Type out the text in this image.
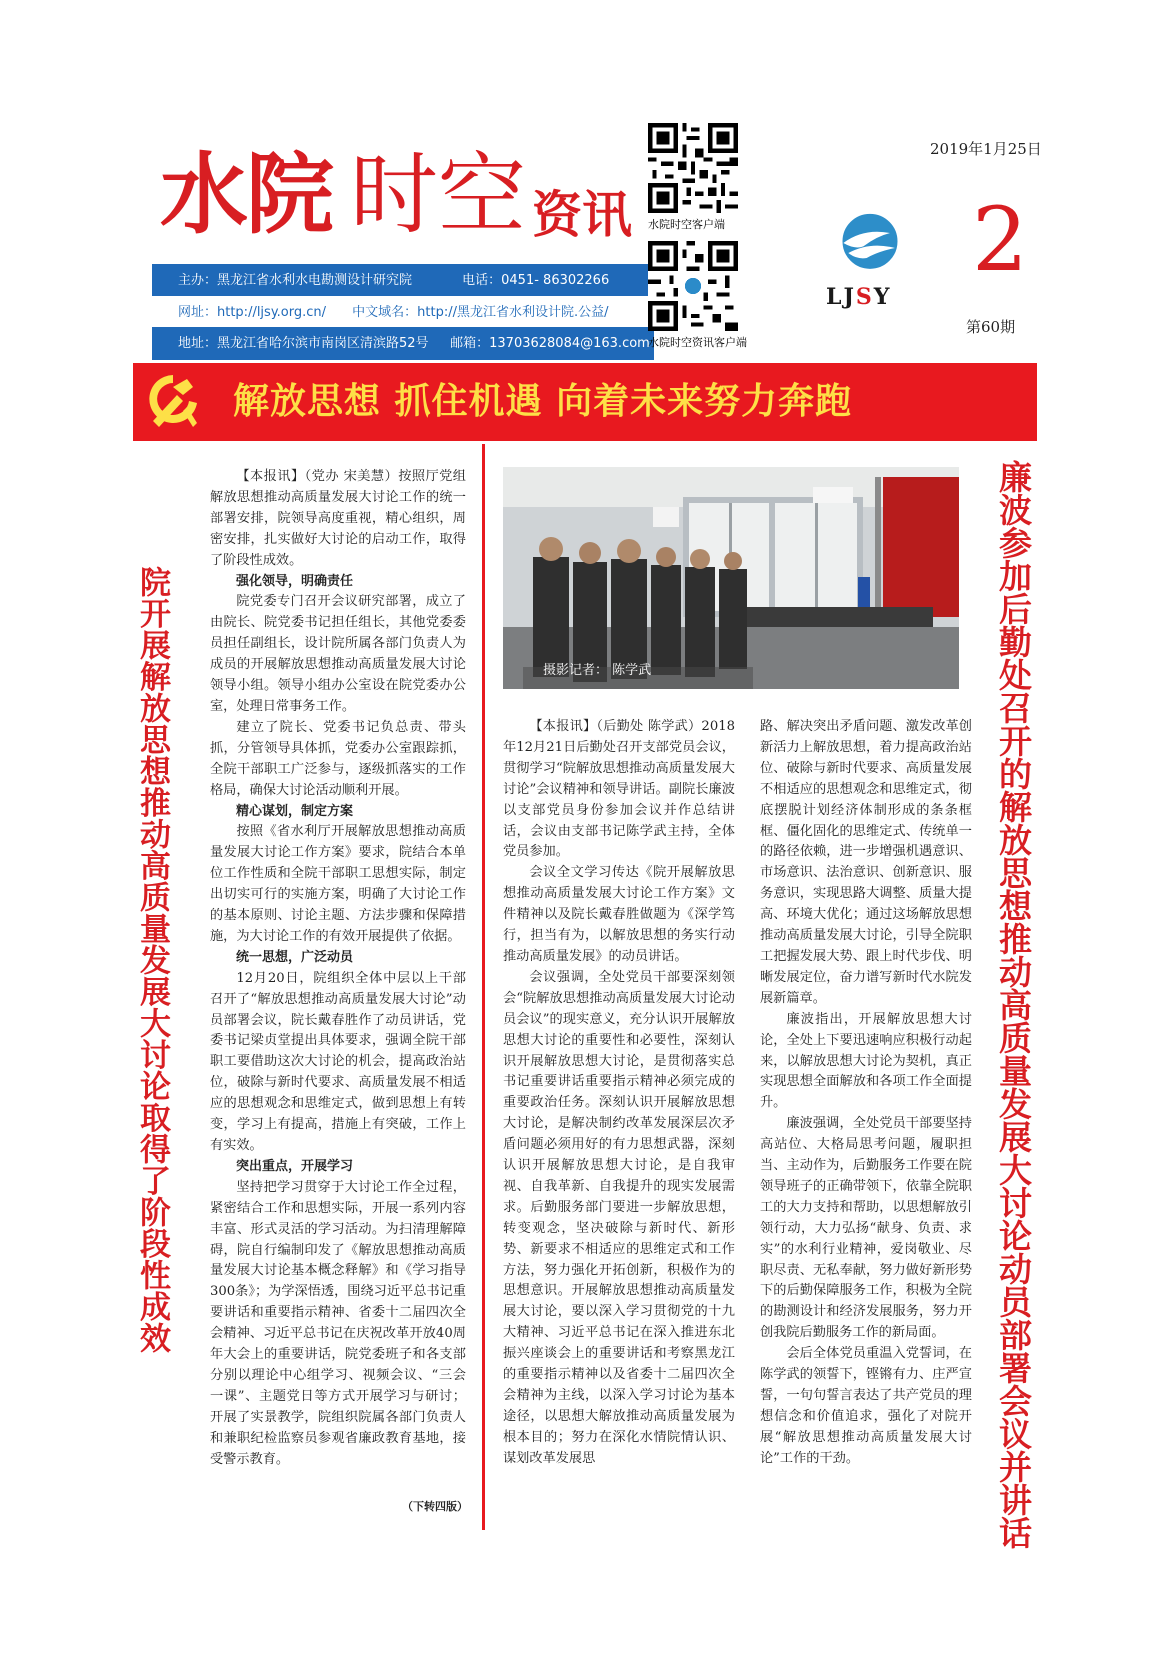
水院 时空 资讯
主办：黑龙江省水利水电勘测设计研究院	电话：0451- 86302266
网址：http://ljsy.org.cn/ 中文域名：http://黑龙江省水利设计院.公益/
地址：黑龙江省哈尔滨市南岗区清滨路52号 邮箱：13703628084@163.com
水院时空客户端
水院时空资讯客户端
LJSY
2019年1月25日
2
第60期
解放思想 抓住机遇 向着未来努力奔跑
院开展解放思想推动高质量发展大讨论取得了阶段性成效	廉波参加后勤处召开的解放思想推动高质量发展大讨论动员部署会议并讲话

【本报讯】（党办 宋美慧）按照厅党组解放思想推动高质量发展大讨论工作的统一部署安排，院领导高度重视，精心组织，周密安排，扎实做好大讨论的启动工作，取得了阶段性成效。

强化领导，明确责任

院党委专门召开会议研究部署，成立了由院长、院党委书记担任组长，其他党委委员担任副组长，设计院所属各部门负责人为成员的开展解放思想推动高质量发展大讨论领导小组。领导小组办公室设在院党委办公室，处理日常事务工作。

建立了院长、党委书记负总责、带头抓，分管领导具体抓，党委办公室跟踪抓，全院干部职工广泛参与，逐级抓落实的工作格局，确保大讨论活动顺利开展。

精心谋划，制定方案

按照《省水利厅开展解放思想推动高质量发展大讨论工作方案》要求，院结合本单位工作性质和全院干部职工思想实际，制定出切实可行的实施方案，明确了大讨论工作的基本原则、讨论主题、方法步骤和保障措施，为大讨论工作的有效开展提供了依据。

统一思想，广泛动员

12月20日，院组织全体中层以上干部召开了“解放思想推动高质量发展大讨论”动员部署会议，院长戴春胜作了动员讲话，党委书记梁贞堂提出具体要求，强调全院干部职工要借助这次大讨论的机会，提高政治站位，破除与新时代要求、高质量发展不相适应的思想观念和思维定式，做到思想上有转变，学习上有提高，措施上有突破，工作上有实效。

突出重点，开展学习

坚持把学习贯穿于大讨论工作全过程，紧密结合工作和思想实际，开展一系列内容丰富、形式灵活的学习活动。为扫清理解障碍，院自行编制印发了《解放思想推动高质量发展大讨论基本概念释解》和《学习指导300条》；为学深悟透，围绕习近平总书记重要讲话和重要指示精神、省委十二届四次全会精神、习近平总书记在庆祝改革开放40周年大会上的重要讲话，院党委班子和各支部分别以理论中心组学习、视频会议、“三会一课”、主题党日等方式开展学习与研讨；开展了实景教学，院组织院属各部门负责人和兼职纪检监察员参观省廉政教育基地，接受警示教育。

（下转四版）
摄影记者： 陈学武

【本报讯】（后勤处 陈学武）2018年12月21日后勤处召开支部党员会议，贯彻学习“院解放思想推动高质量发展大讨论”会议精神和领导讲话。副院长廉波以支部党员身份参加会议并作总结讲话，会议由支部书记陈学武主持，全体党员参加。

会议全文学习传达《院开展解放思想推动高质量发展大讨论工作方案》文件精神以及院长戴春胜做题为《深学笃行，担当有为，以解放思想的务实行动推动高质量发展》的动员讲话。

会议强调，全处党员干部要深刻领会“院解放思想推动高质量发展大讨论动员会议”的现实意义，充分认识开展解放思想大讨论的重要性和必要性，深刻认识开展解放思想大讨论，是贯彻落实总书记重要讲话重要指示精神必须完成的重要政治任务。深刻认识开展解放思想大讨论，是解决制约改革发展深层次矛盾问题必须用好的有力思想武器，深刻认识开展解放思想大讨论，是自我审视、自我革新、自我提升的现实发展需求。后勤服务部门要进一步解放思想，转变观念，坚决破除与新时代、新形势、新要求不相适应的思维定式和工作方法，努力强化开拓创新，积极作为的思想意识。开展解放思想推动高质量发展大讨论，要以深入学习贯彻党的十九大精神、习近平总书记在深入推进东北振兴座谈会上的重要讲话和考察黑龙江的重要指示精神以及省委十二届四次全会精神为主线，以深入学习讨论为基本途径，以思想大解放推动高质量发展为根本目的；努力在深化水情院情认识、谋划改革发展思

路、解决突出矛盾问题、激发改革创新活力上解放思想，着力提高政治站位、破除与新时代要求、高质量发展不相适应的思想观念和思维定式，彻底摆脱计划经济体制形成的条条框框、僵化固化的思维定式、传统单一的路径依赖，进一步增强机遇意识、市场意识、法治意识、创新意识、服务意识，实现思路大调整、质量大提高、环境大优化；通过这场解放思想推动高质量发展大讨论，引导全院职工把握发展大势、跟上时代步伐、明晰发展定位，奋力谱写新时代水院发展新篇章。

廉波指出，开展解放思想大讨论，全处上下要迅速响应积极行动起来，以解放思想大讨论为契机，真正实现思想全面解放和各项工作全面提升。

廉波强调，全处党员干部要坚持高站位、大格局思考问题，履职担当、主动作为，后勤服务工作要在院领导班子的正确带领下，依靠全院职工的大力支持和帮助，以思想解放引领行动，大力弘扬“献身、负责、求实”的水利行业精神，爱岗敬业、尽职尽责、无私奉献，努力做好新形势下的后勤保障服务工作，积极为全院的勘测设计和经济发展服务，努力开创我院后勤服务工作的新局面。

会后全体党员重温入党誓词，在陈学武的领誓下，铿锵有力、庄严宣誓，一句句誓言表达了共产党员的理想信念和价值追求，强化了对院开展“解放思想推动高质量发展大讨论”工作的干劲。
